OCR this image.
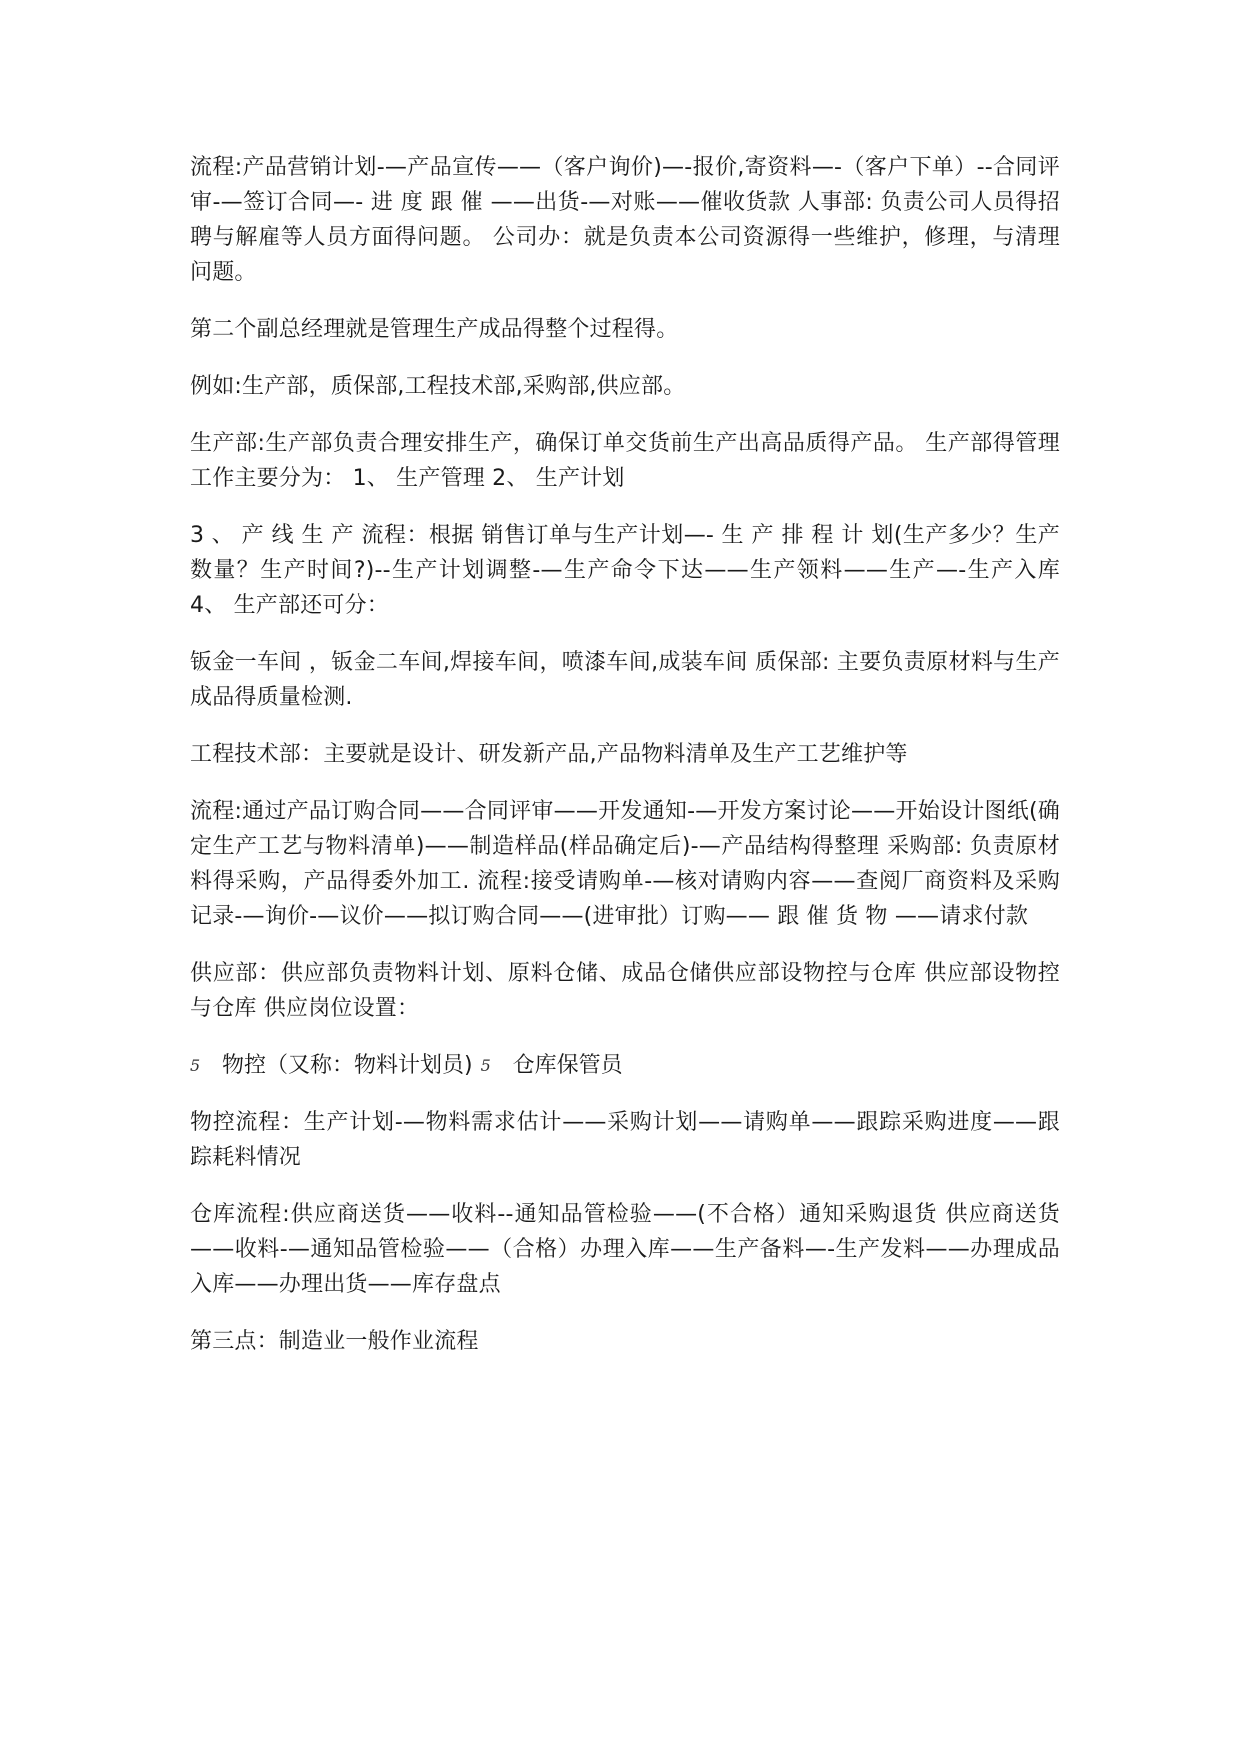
流程:产品营销计划-—产品宣传——（客户询价)—-报价,寄资料—-（客户下单）--合同评审-—签订合同—- 进 度 跟 催 ——出货-—对账——催收货款 人事部: 负责公司人员得招聘与解雇等人员方面得问题。 公司办：就是负责本公司资源得一些维护，修理，与清理问题。

第二个副总经理就是管理生产成品得整个过程得。

例如:生产部，质保部,工程技术部,采购部,供应部。

生产部:生产部负责合理安排生产，确保订单交货前生产出高品质得产品。 生产部得管理工作主要分为： 1、 生产管理 2、 生产计划

3 、 产 线 生 产 流程：根据 销售订单与生产计划—- 生 产 排 程 计 划(生产多少？生产数量？生产时间?)--生产计划调整-—生产命令下达——生产领料——生产—-生产入库 4、 生产部还可分：

钣金一车间 ，钣金二车间,焊接车间，喷漆车间,成装车间 质保部: 主要负责原材料与生产成品得质量检测.

工程技术部：主要就是设计、研发新产品,产品物料清单及生产工艺维护等

流程:通过产品订购合同——合同评审——开发通知-—开发方案讨论——开始设计图纸(确定生产工艺与物料清单)——制造样品(样品确定后)-—产品结构得整理 采购部: 负责原材料得采购，产品得委外加工. 流程:接受请购单-—核对请购内容——查阅厂商资料及采购记录-—询价-—议价——拟订购合同——(进审批）订购—— 跟 催 货 物 ——请求付款

供应部：供应部负责物料计划、原料仓储、成品仓储供应部设物控与仓库 供应部设物控与仓库 供应岗位设置：

5 物控（又称：物料计划员) 5 仓库保管员

物控流程：生产计划-—物料需求估计——采购计划——请购单——跟踪采购进度——跟踪耗料情况

仓库流程:供应商送货——收料--通知品管检验——(不合格）通知采购退货 供应商送货——收料-—通知品管检验——（合格）办理入库——生产备料—-生产发料——办理成品入库——办理出货——库存盘点

第三点：制造业一般作业流程
